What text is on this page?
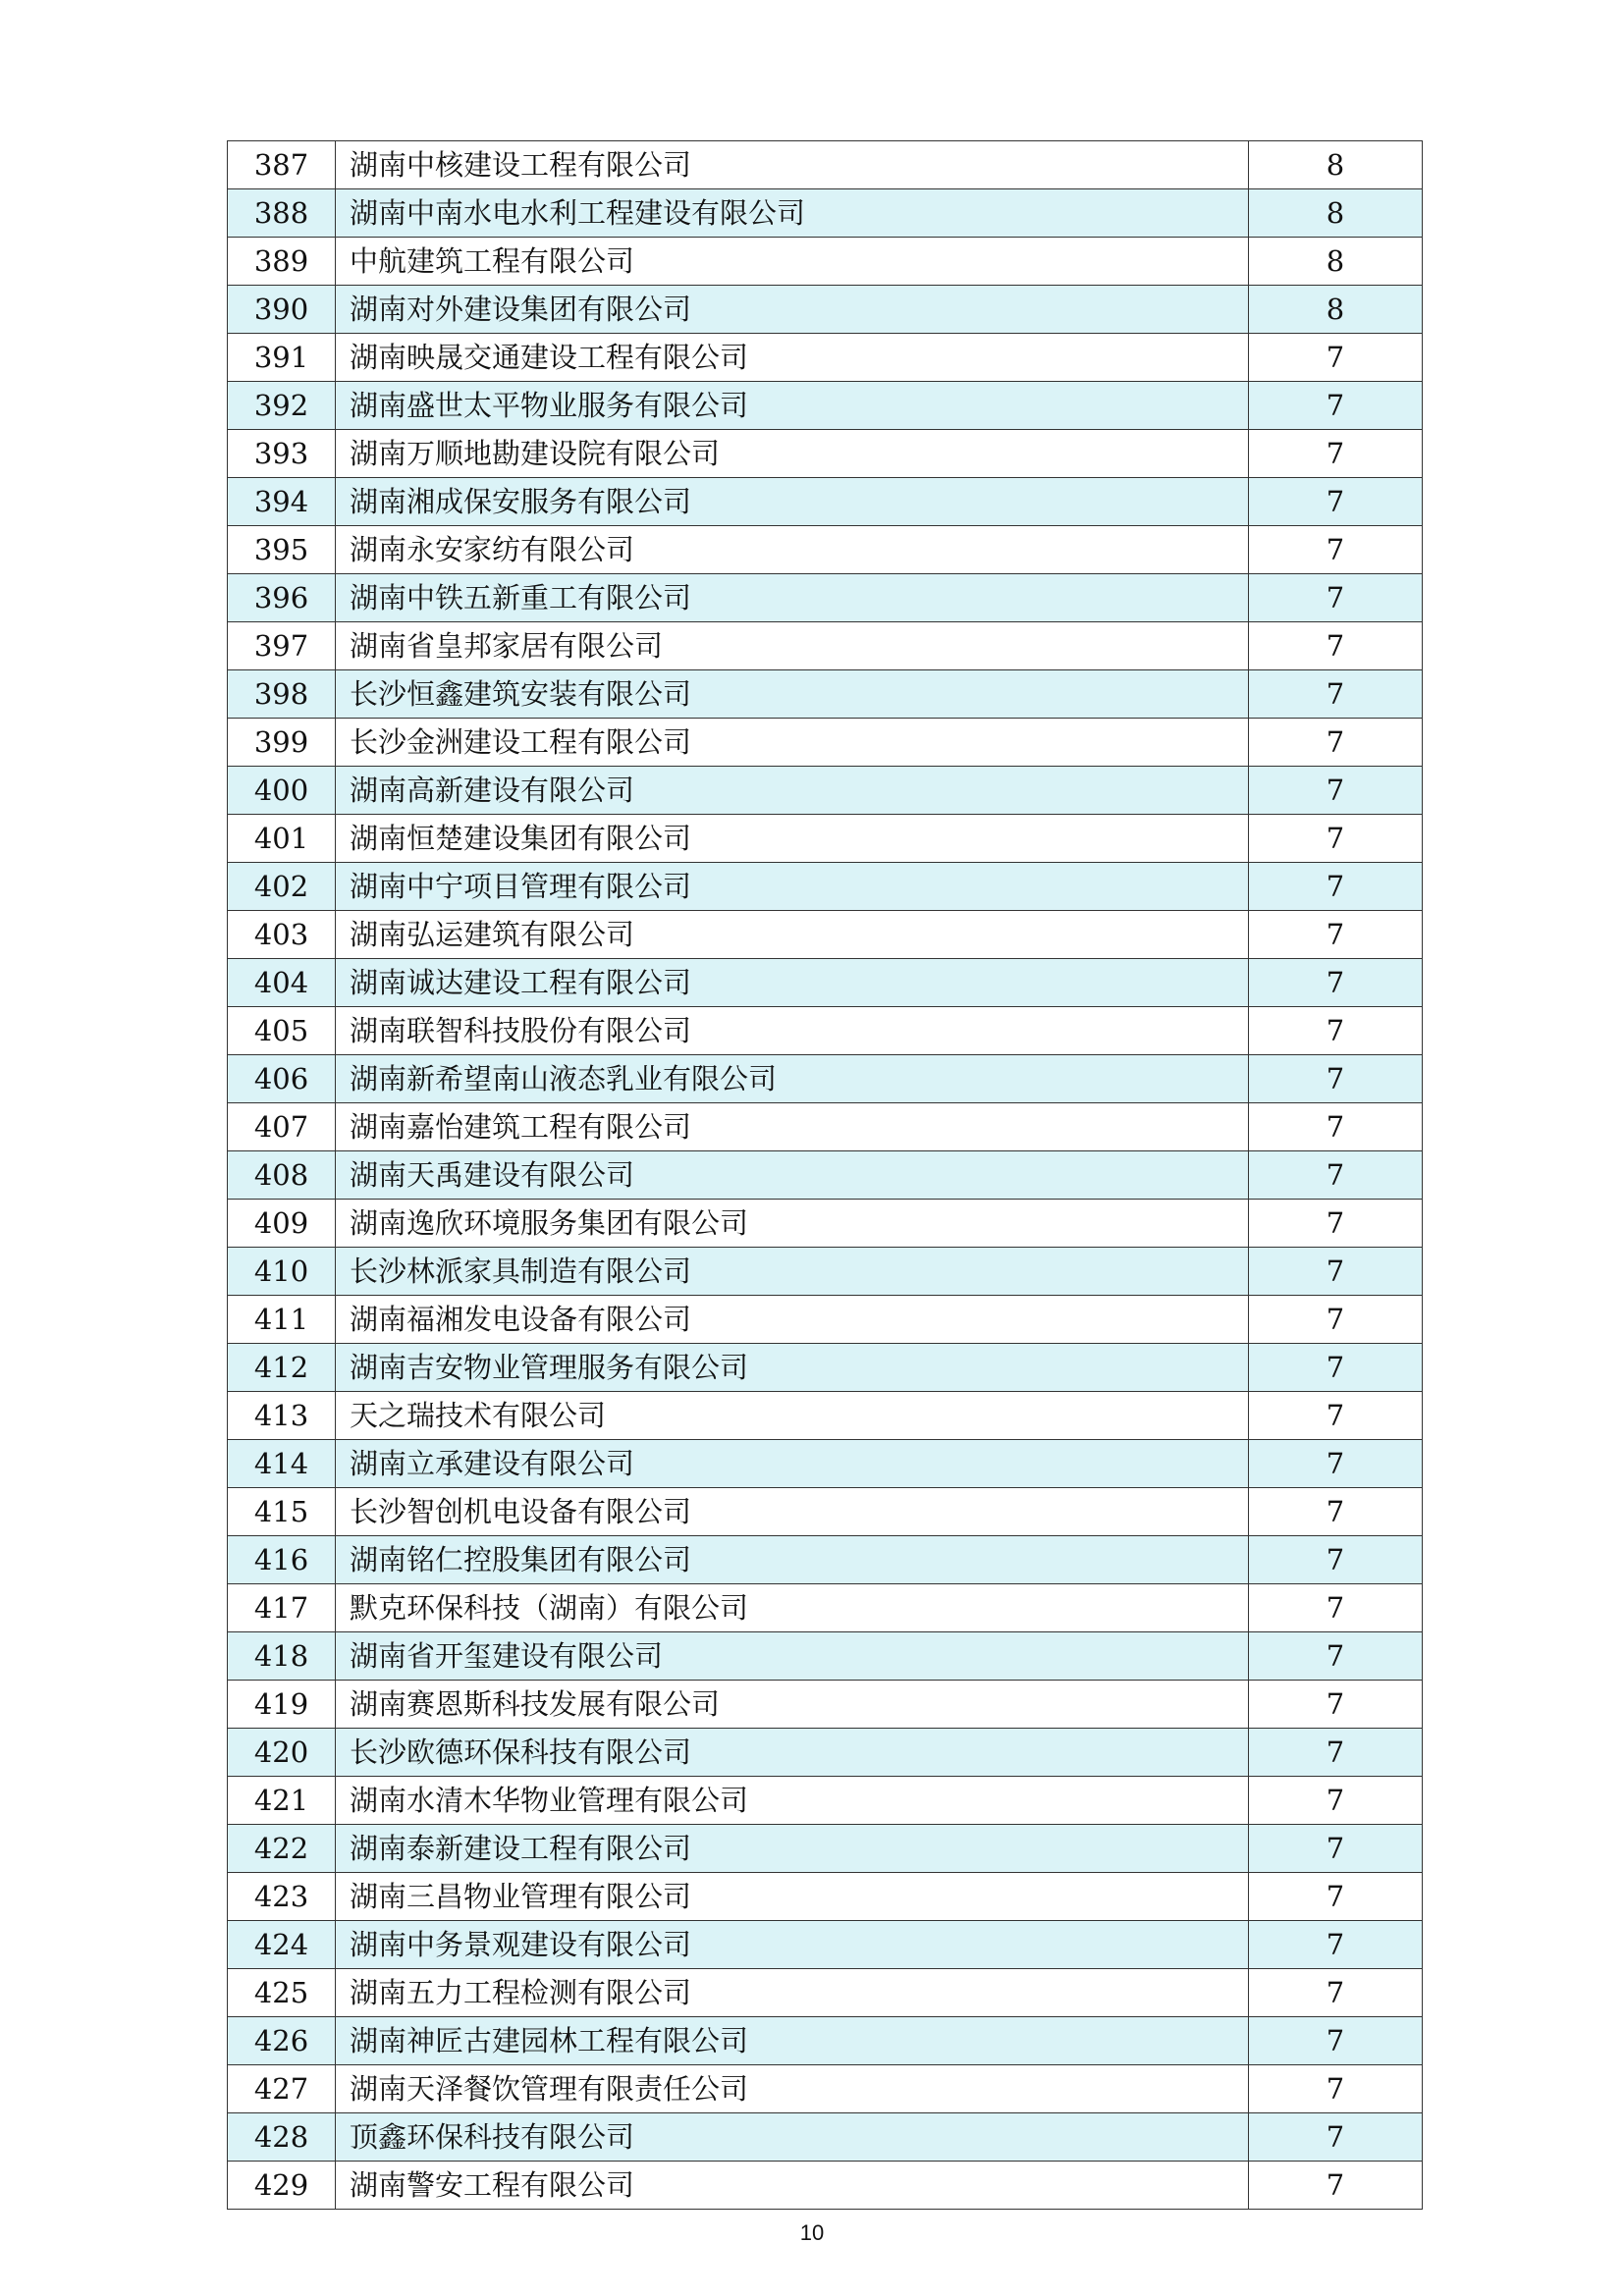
387	湖南中核建设工程有限公司	8
388	湖南中南水电水利工程建设有限公司	8
389	中航建筑工程有限公司	8
390	湖南对外建设集团有限公司	8
391	湖南映晟交通建设工程有限公司	7
392	湖南盛世太平物业服务有限公司	7
393	湖南万顺地勘建设院有限公司	7
394	湖南湘成保安服务有限公司	7
395	湖南永安家纺有限公司	7
396	湖南中铁五新重工有限公司	7
397	湖南省皇邦家居有限公司	7
398	长沙恒鑫建筑安装有限公司	7
399	长沙金洲建设工程有限公司	7
400	湖南高新建设有限公司	7
401	湖南恒楚建设集团有限公司	7
402	湖南中宁项目管理有限公司	7
403	湖南弘运建筑有限公司	7
404	湖南诚达建设工程有限公司	7
405	湖南联智科技股份有限公司	7
406	湖南新希望南山液态乳业有限公司	7
407	湖南嘉怡建筑工程有限公司	7
408	湖南天禹建设有限公司	7
409	湖南逸欣环境服务集团有限公司	7
410	长沙林派家具制造有限公司	7
411	湖南福湘发电设备有限公司	7
412	湖南吉安物业管理服务有限公司	7
413	天之瑞技术有限公司	7
414	湖南立承建设有限公司	7
415	长沙智创机电设备有限公司	7
416	湖南铭仁控股集团有限公司	7
417	默克环保科技（湖南）有限公司	7
418	湖南省开玺建设有限公司	7
419	湖南赛恩斯科技发展有限公司	7
420	长沙欧德环保科技有限公司	7
421	湖南水清木华物业管理有限公司	7
422	湖南泰新建设工程有限公司	7
423	湖南三昌物业管理有限公司	7
424	湖南中务景观建设有限公司	7
425	湖南五力工程检测有限公司	7
426	湖南神匠古建园林工程有限公司	7
427	湖南天泽餐饮管理有限责任公司	7
428	顶鑫环保科技有限公司	7
429	湖南警安工程有限公司	7
10
